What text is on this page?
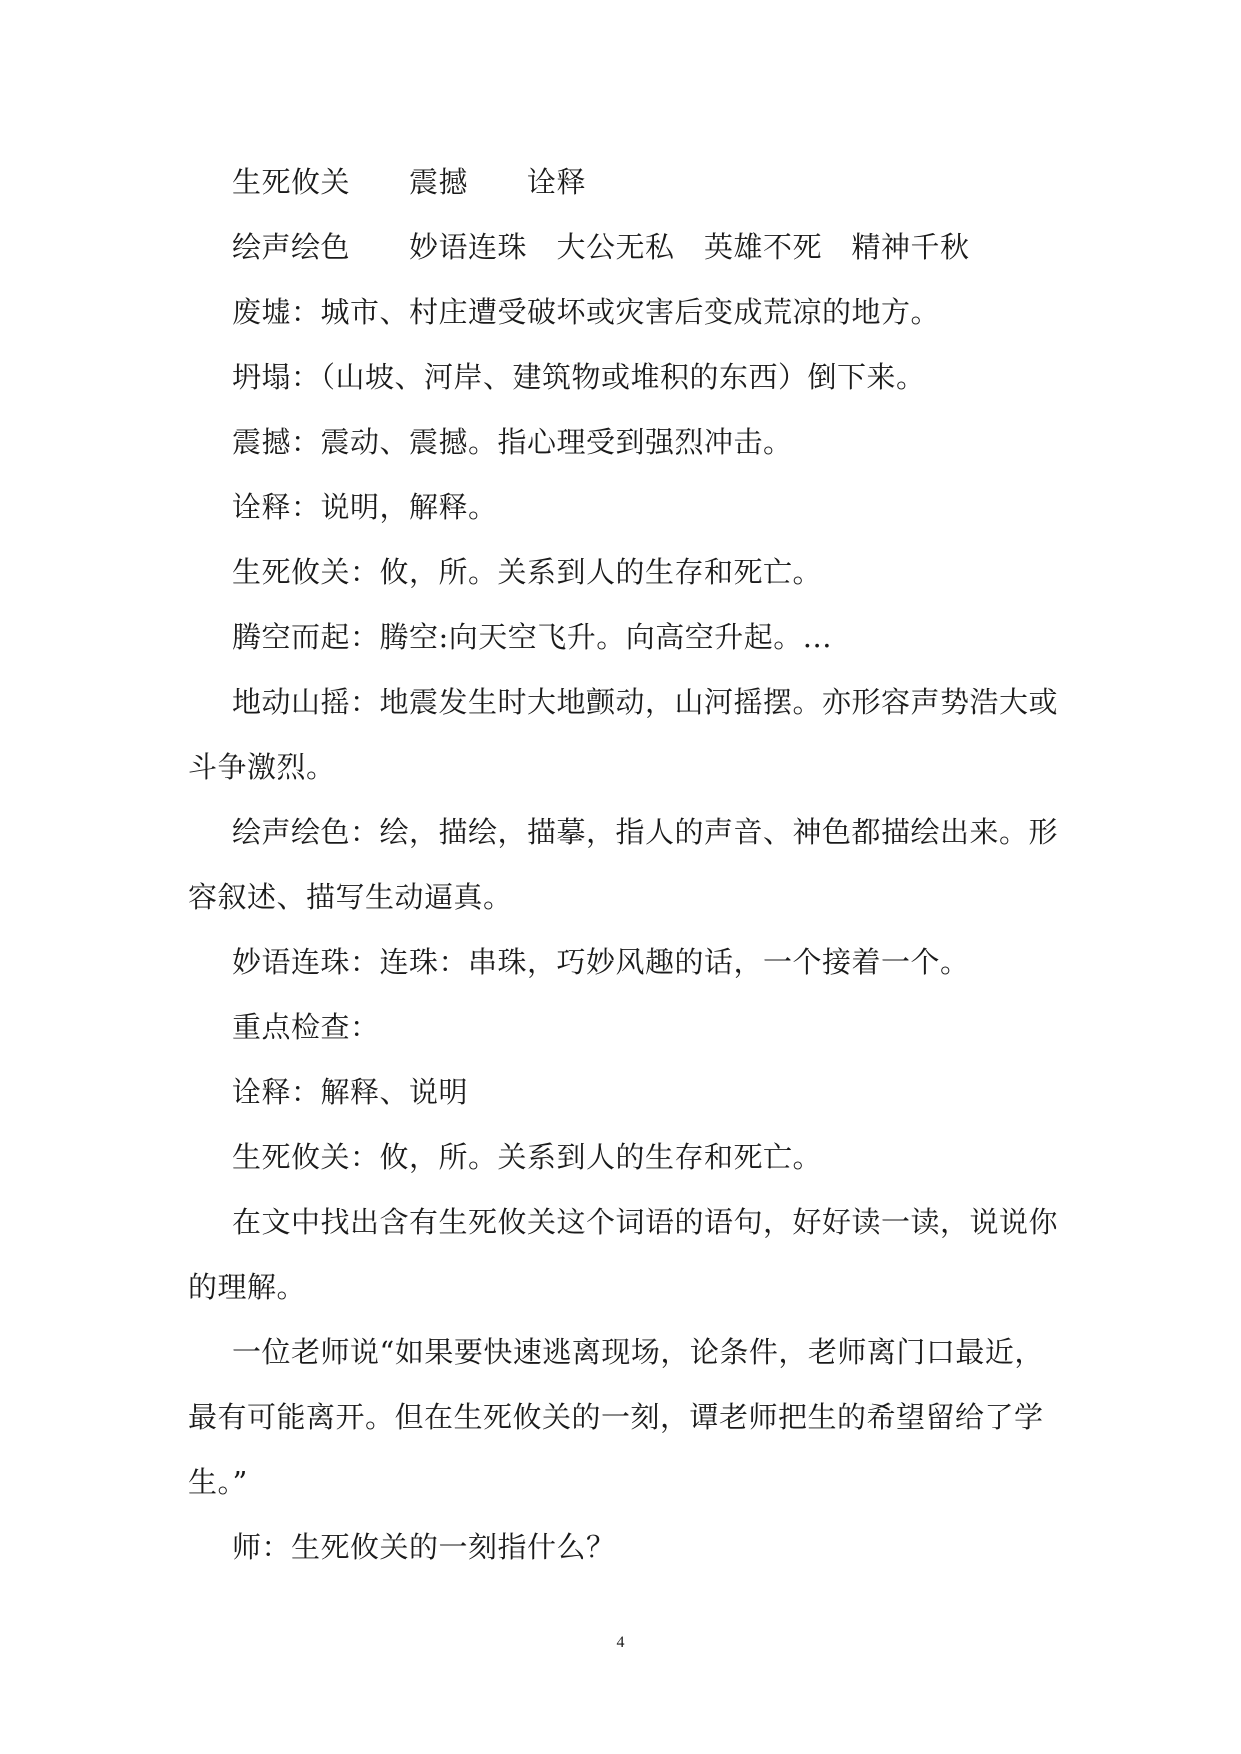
生死攸关　　震撼　　诠释
绘声绘色　　妙语连珠　大公无私　英雄不死　精神千秋
废墟：城市、村庄遭受破坏或灾害后变成荒凉的地方。
坍塌：（山坡、河岸、建筑物或堆积的东西）倒下来。
震撼：震动、震撼。指心理受到强烈冲击。
诠释：说明，解释。
生死攸关：攸，所。关系到人的生存和死亡。
腾空而起：腾空:向天空飞升。向高空升起。...
地动山摇：地震发生时大地颤动，山河摇摆。亦形容声势浩大或
斗争激烈。
绘声绘色：绘，描绘，描摹，指人的声音、神色都描绘出来。形
容叙述、描写生动逼真。
妙语连珠：连珠：串珠，巧妙风趣的话，一个接着一个。
重点检查：
诠释：解释、说明
生死攸关：攸，所。关系到人的生存和死亡。
在文中找出含有生死攸关这个词语的语句，好好读一读，说说你
的理解。
一位老师说“如果要快速逃离现场，论条件，老师离门口最近，
最有可能离开。但在生死攸关的一刻，谭老师把生的希望留给了学
生。”
师：生死攸关的一刻指什么？
4
